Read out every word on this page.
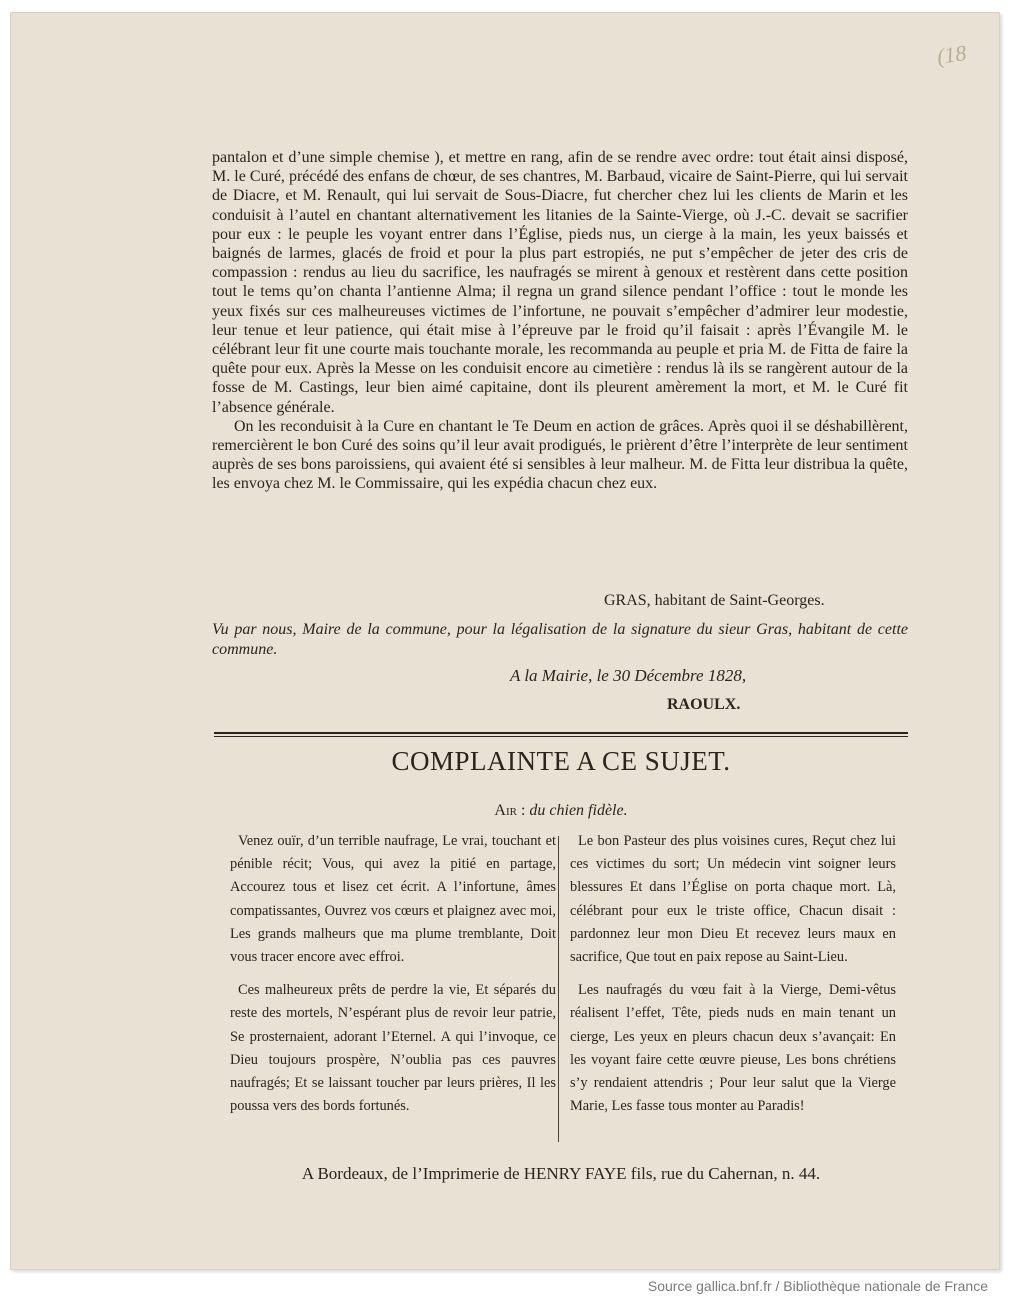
(18

pantalon et d’une simple chemise ), et mettre en rang, afin de se rendre avec ordre: tout était ainsi disposé, M. le Curé, précédé des enfans de chœur, de ses chantres, M. Barbaud, vicaire de Saint-Pierre, qui lui servait de Diacre, et M. Renault, qui lui servait de Sous-Diacre, fut chercher chez lui les clients de Marin et les conduisit à l’autel en chantant alternativement les litanies de la Sainte-Vierge, où J.-C. devait se sacrifier pour eux : le peuple les voyant entrer dans l’Église, pieds nus, un cierge à la main, les yeux baissés et baignés de larmes, glacés de froid et pour la plus part estropiés, ne put s’empêcher de jeter des cris de compassion : rendus au lieu du sacrifice, les naufragés se mirent à genoux et restèrent dans cette position tout le tems qu’on chanta l’antienne Alma; il regna un grand silence pendant l’office : tout le monde les yeux fixés sur ces malheureuses victimes de l’infortune, ne pouvait s’empêcher d’admirer leur modestie, leur tenue et leur patience, qui était mise à l’épreuve par le froid qu’il faisait : après l’Évangile M. le célébrant leur fit une courte mais touchante morale, les recommanda au peuple et pria M. de Fitta de faire la quête pour eux. Après la Messe on les conduisit encore au cimetière : rendus là ils se rangèrent autour de la fosse de M. Castings, leur bien aimé capitaine, dont ils pleurent amèrement la mort, et M. le Curé fit l’absence générale.

On les reconduisit à la Cure en chantant le Te Deum en action de grâces. Après quoi il se déshabillèrent, remercièrent le bon Curé des soins qu’il leur avait prodigués, le prièrent d’être l’interprète de leur sentiment auprès de ses bons paroissiens, qui avaient été si sensibles à leur malheur. M. de Fitta leur distribua la quête, les envoya chez M. le Commissaire, qui les expédia chacun chez eux.

GRAS, habitant de Saint-Georges.
Vu par nous, Maire de la commune, pour la légalisation de la signature du sieur Gras, habitant de cette commune.
A la Mairie, le 30 Décembre 1828,
RAOULX.
COMPLAINTE A CE SUJET.
Air : du chien fidèle.

Venez ouïr, d’un terrible naufrage, Le vrai, touchant et pénible récit; Vous, qui avez la pitié en partage, Accourez tous et lisez cet écrit. A l’infortune, âmes compatissantes, Ouvrez vos cœurs et plaignez avec moi, Les grands malheurs que ma plume tremblante, Doit vous tracer encore avec effroi.

Ces malheureux prêts de perdre la vie, Et séparés du reste des mortels, N’espérant plus de revoir leur patrie, Se prosternaient, adorant l’Eternel. A qui l’invoque, ce Dieu toujours prospère, N’oublia pas ces pauvres naufragés; Et se laissant toucher par leurs prières, Il les poussa vers des bords fortunés.

Le bon Pasteur des plus voisines cures, Reçut chez lui ces victimes du sort; Un médecin vint soigner leurs blessures Et dans l’Église on porta chaque mort. Là, célébrant pour eux le triste office, Chacun disait : pardonnez leur mon Dieu Et recevez leurs maux en sacrifice, Que tout en paix repose au Saint-Lieu.

Les naufragés du vœu fait à la Vierge, Demi-vêtus réalisent l’effet, Tête, pieds nuds en main tenant un cierge, Les yeux en pleurs chacun deux s’avançait: En les voyant faire cette œuvre pieuse, Les bons chrétiens s’y rendaient attendris ; Pour leur salut que la Vierge Marie, Les fasse tous monter au Paradis!

A Bordeaux, de l’Imprimerie de HENRY FAYE fils, rue du Cahernan, n. 44.
Source gallica.bnf.fr / Bibliothèque nationale de France
